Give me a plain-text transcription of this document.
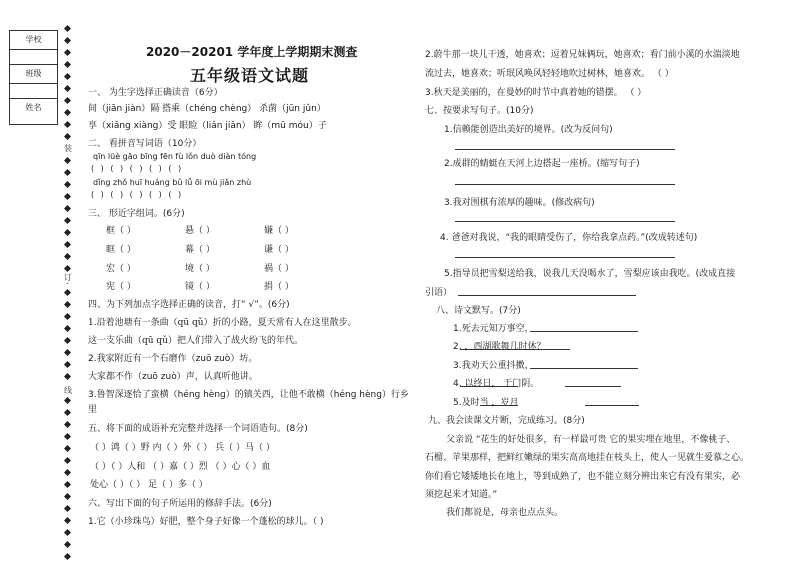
学校
班级
姓名
装
订
线
2020－20201 学年度上学期期末测查
五年级语文试题
一、 为生字选择正确读音（6分）
间（jiān jiàn）隔 搭乘（chéng chèng） 杀菌（jūn jǔn）
享（xiǎng xiàng）受 眼睑（liǎn jiǎn） 眸（mū móu）子
二、 看拼音写词语（10分）
qīn lüè gāo bīng fēn fù lǒn duò diàn tóng
( ) ( ) ( ) ( ) ( )
dǐng zhǒ huī huáng bǔ lǚ ōi mù jiǎn zhù
( ) ( ) ( ) ( ) ( )
三、 形近字组词。(6分)
框（ ）	悬（ ）	嫌（ ）
眶（ ）	幕（ ）	谦（ ）
宏（ ）	境（ ）	祸（ ）
宪（ ）	镜（ ）	捐（ ）
四、为下列加点字选择正确的读音，打“ √”。(6分)
1.沿着池塘有一条曲（qū qǔ）折的小路，夏天常有人在这里散步。
这一支乐曲（qū qǔ）把人们带入了战火纷飞的年代。
2.我家附近有一个石磨作（zuō zuò）坊。
大家都不作（zuō zuò）声，认真听他讲。
3.鲁智深逐恰了蛮横（hénɡ hènɡ）的镇关西，让他不敢横（hénɡ hènɡ）行乡
里
五、将下面的成语补充完整并选择一个词语造句。(8分)
（ ）鸿（ ）野 内（ ）外（ ） 兵（ ）马（ ）
（ ）（ ）人和 （ ）嘉（ ）烈 （ ）心（ ）血
处心（ ）（ ） 足（ ）多（ ）
六、写出下面的句子所运用的修辞手法。(6分)
1.它（小珍珠鸟）好肥，整个身子好像一个蓬松的球儿。（ )
2.蔚牛那一块儿干透，她喜欢；逗着兄妹俩玩，她喜欢；看门前小溪的水湍淡地
流过去，她喜欢；听珉风唤风轻轻地吹过树林，她喜欢。 （ ）
3.秋天是美丽的，在曼妙的时节中真着她的错摆。 （ ）
七、按要求写句子。(10分)
1.信赖能创造出美好的境界。(改为反问句)
2.成群的蜻蜓在天河上边搭起一座桥。(缩写句子)
3.我对围棋有浓厚的趣味。(修改病句)
4. 爸爸对我说，“我的眼睛受伤了，你给我拿点药。”(改成转述句)
5.指导员把雪梨送给我，说我几天没喝水了，雪梨应该由我吃。(改成直接
引语）
八、诗文默写。(7分)
1.死去元知万事空，
2. ，西湖歌舞几时休？
3.我劝天公重抖擞，
4. 以终日， 于门阴。
5.及时当 ，岁月
九、我会读课文片断，完成练习。(8分)
父亲说 “花生的好处很多，有一样最可贵 它的果实埋在地里，不像桃子、
石榴、苹果那样，把鲜红嫩绿的果实高高地挂在枝头上，使人一见就生爱慕之心。
你们看它矮矮地长在地上，等到成熟了，也不能立刻分辨出来它有没有果实，必
须挖起来才知道。”
我们都说是，母亲也点点头。
